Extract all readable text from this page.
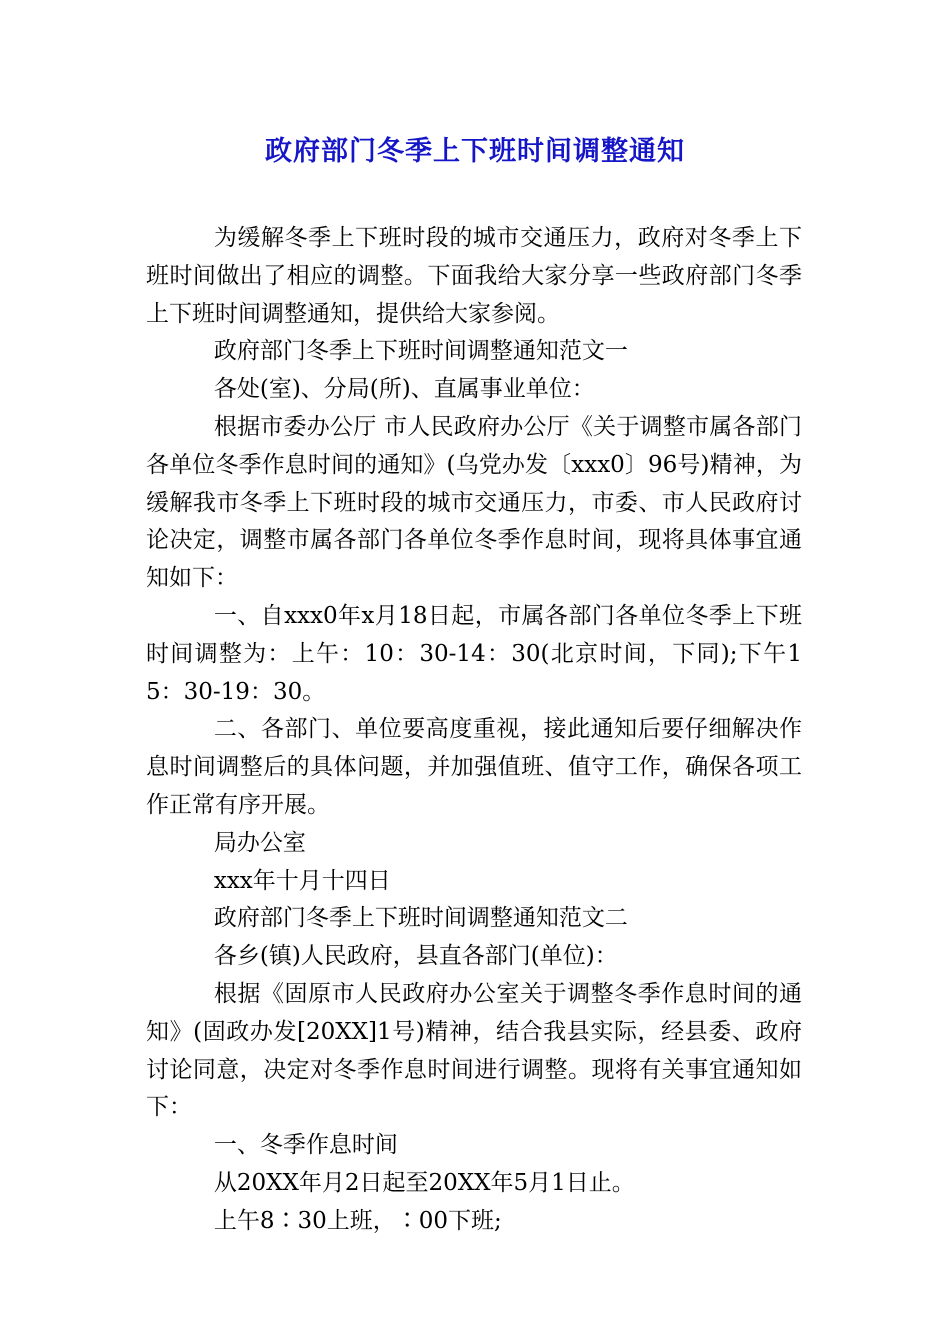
政府部门冬季上下班时间调整通知

为缓解冬季上下班时段的城市交通压力，政府对冬季上下班时间做出了相应的调整。下面我给大家分享一些政府部门冬季上下班时间调整通知，提供给大家参阅。

政府部门冬季上下班时间调整通知范文一

各处(室)、分局(所)、直属事业单位：

根据市委办公厅 市人民政府办公厅《关于调整市属各部门各单位冬季作息时间的通知》(乌党办发〔xxx0〕96号)精神，为缓解我市冬季上下班时段的城市交通压力，市委、市人民政府讨论决定，调整市属各部门各单位冬季作息时间，现将具体事宜通知如下：

一、自xxx0年x月18日起，市属各部门各单位冬季上下班时间调整为：上午：10：30-14：30(北京时间，下同);下午15：30-19：30。

二、各部门、单位要高度重视，接此通知后要仔细解决作息时间调整后的具体问题，并加强值班、值守工作，确保各项工作正常有序开展。

局办公室

xxx年十月十四日

政府部门冬季上下班时间调整通知范文二

各乡(镇)人民政府，县直各部门(单位)：

根据《固原市人民政府办公室关于调整冬季作息时间的通知》(固政办发[20XX]1号)精神，结合我县实际，经县委、政府讨论同意，决定对冬季作息时间进行调整。现将有关事宜通知如下：

一、冬季作息时间

从20XX年月2日起至20XX年5月1日止。

上午8∶30上班，∶00下班;
